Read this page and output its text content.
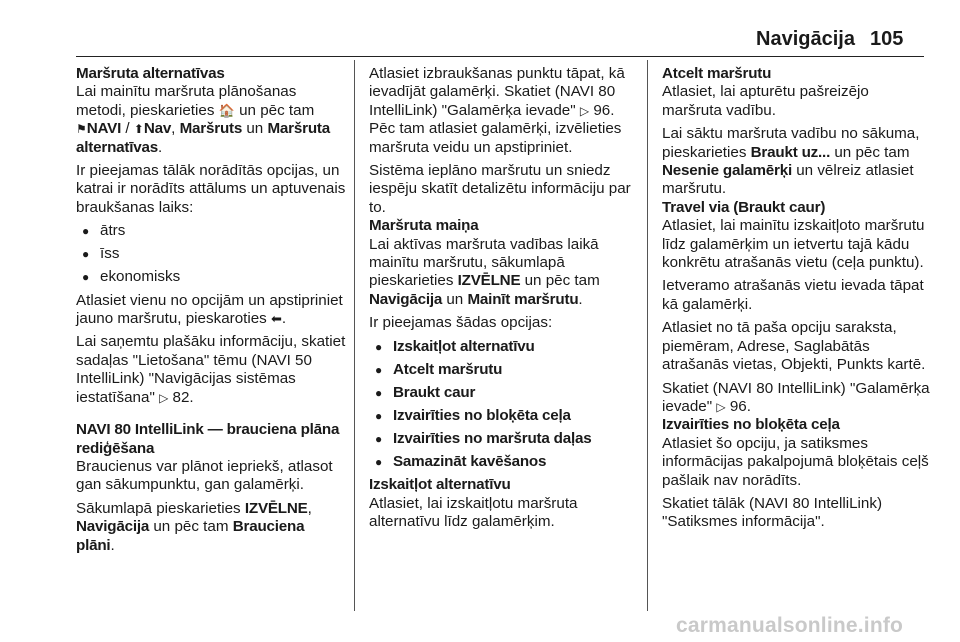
Navigācija 105

Maršruta alternatīvas
Lai mainītu maršruta plānošanas metodi, pieskarieties 🏠 un pēc tam ⚑NAVI / ⬆Nav, Maršruts un Maršruta alternatīvas.

Ir pieejamas tālāk norādītās opcijas, un katrai ir norādīts attālums un aptuvenais braukšanas laiks:

● ātrs
● īss
● ekonomisks

Atlasiet vienu no opcijām un apstipriniet jauno maršrutu, pieskaroties ⬅.

Lai saņemtu plašāku informāciju, skatiet sadaļas "Lietošana" tēmu (NAVI 50 IntelliLink) "Navigācijas sistēmas iestatīšana" ▷ 82.

NAVI 80 IntelliLink — brauciena plāna rediģēšana
Braucienus var plānot iepriekš, atlasot gan sākumpunktu, gan galamērķi.

Sākumlapā pieskarieties IZVĒLNE, Navigācija un pēc tam Brauciena plāni.

Atlasiet izbraukšanas punktu tāpat, kā ievadījāt galamērķi. Skatiet (NAVI 80 IntelliLink) "Galamērķa ievade" ▷ 96. Pēc tam atlasiet galamērķi, izvēlieties maršruta veidu un apstipriniet.

Sistēma ieplāno maršrutu un sniedz iespēju skatīt detalizētu informāciju par to.

Maršruta maiņa
Lai aktīvas maršruta vadības laikā mainītu maršrutu, sākumlapā pieskarieties IZVĒLNE un pēc tam Navigācija un Mainīt maršrutu.

Ir pieejamas šādas opcijas:

● Izskaitļot alternatīvu
● Atcelt maršrutu
● Braukt caur
● Izvairīties no bloķēta ceļa
● Izvairīties no maršruta daļas
● Samazināt kavēšanos

Izskaitļot alternatīvu
Atlasiet, lai izskaitļotu maršruta alternatīvu līdz galamērķim.

Atcelt maršrutu
Atlasiet, lai apturētu pašreizējo maršruta vadību.

Lai sāktu maršruta vadību no sākuma, pieskarieties Braukt uz... un pēc tam Nesenie galamērķi un vēlreiz atlasiet maršrutu.

Travel via (Braukt caur)
Atlasiet, lai mainītu izskaitļoto maršrutu līdz galamērķim un ietvertu tajā kādu konkrētu atrašanās vietu (ceļa punktu).

Ietveramo atrašanās vietu ievada tāpat kā galamērķi.

Atlasiet no tā paša opciju saraksta, piemēram, Adrese, Saglabātās atrašanās vietas, Objekti, Punkts kartē.

Skatiet (NAVI 80 IntelliLink) "Galamērķa ievade" ▷ 96.

Izvairīties no bloķēta ceļa
Atlasiet šo opciju, ja satiksmes informācijas pakalpojumā bloķētais ceļš pašlaik nav norādīts.

Skatiet tālāk (NAVI 80 IntelliLink) "Satiksmes informācija".

carmanualsonline.info
